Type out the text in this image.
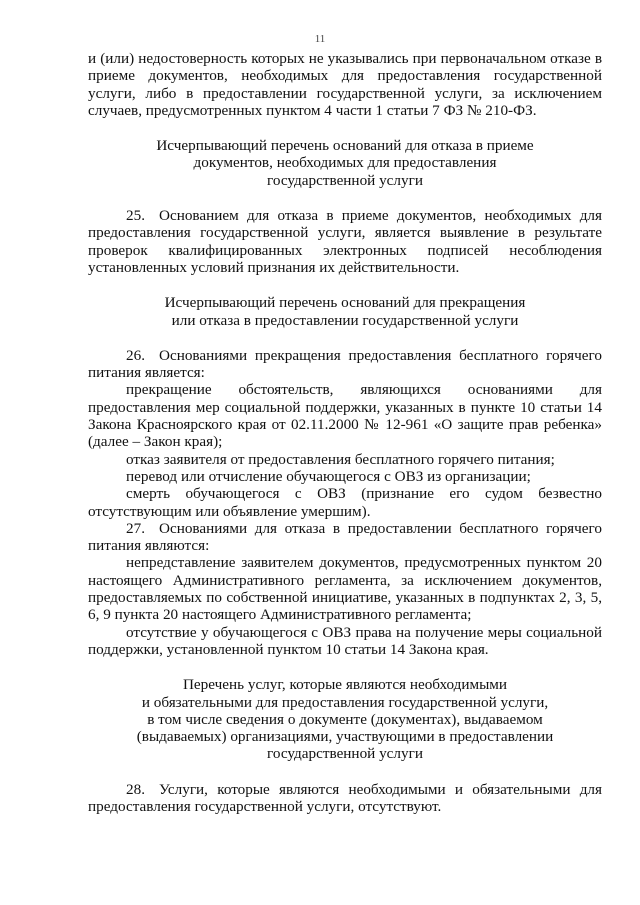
11

и (или) недостоверность которых не указывались при первоначальном отказе в приеме документов, необходимых для предоставления государственной услуги, либо в предоставлении государственной услуги, за исключением случаев, предусмотренных пунктом 4 части 1 статьи 7 ФЗ № 210-ФЗ.

Исчерпывающий перечень оснований для отказа в приеме
документов, необходимых для предоставления
государственной услуги

25. Основанием для отказа в приеме документов, необходимых для предоставления государственной услуги, является выявление в результате проверок квалифицированных электронных подписей несоблюдения установленных условий признания их действительности.

Исчерпывающий перечень оснований для прекращения
или отказа в предоставлении государственной услуги

26. Основаниями прекращения предоставления бесплатного горячего питания является:

прекращение обстоятельств, являющихся основаниями для предоставления мер социальной поддержки, указанных в пункте 10 статьи 14 Закона Красноярского края от 02.11.2000 № 12-961 «О защите прав ребенка» (далее – Закон края);

отказ заявителя от предоставления бесплатного горячего питания;

перевод или отчисление обучающегося с ОВЗ из организации;

смерть обучающегося с ОВЗ (признание его судом безвестно отсутствующим или объявление умершим).

27. Основаниями для отказа в предоставлении бесплатного горячего питания являются:

непредставление заявителем документов, предусмотренных пунктом 20 настоящего Административного регламента, за исключением документов, предоставляемых по собственной инициативе, указанных в подпунктах 2, 3, 5, 6, 9 пункта 20 настоящего Административного регламента;

отсутствие у обучающегося с ОВЗ права на получение меры социальной поддержки, установленной пунктом 10 статьи 14 Закона края.

Перечень услуг, которые являются необходимыми
и обязательными для предоставления государственной услуги,
в том числе сведения о документе (документах), выдаваемом
(выдаваемых) организациями, участвующими в предоставлении
государственной услуги

28. Услуги, которые являются необходимыми и обязательными для предоставления государственной услуги, отсутствуют.
